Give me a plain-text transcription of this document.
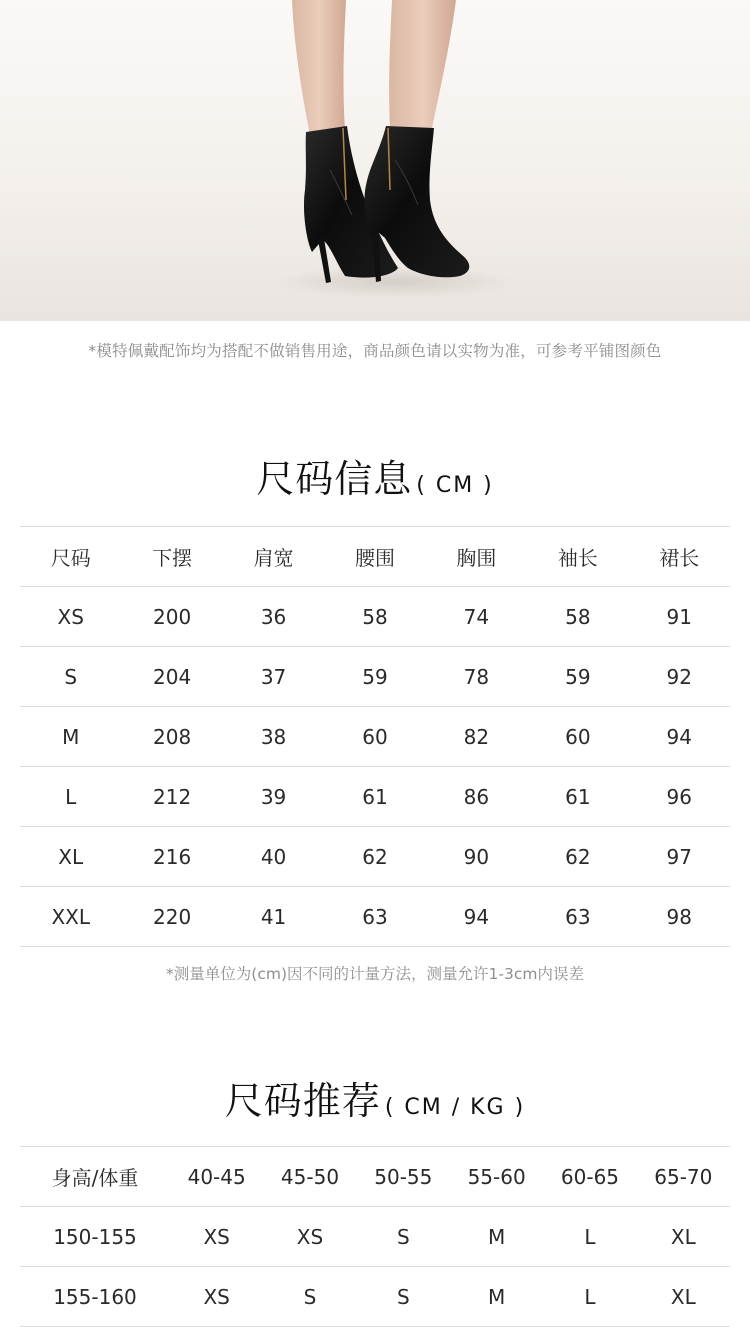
*模特佩戴配饰均为搭配不做销售用途，商品颜色请以实物为准，可参考平铺图颜色
尺码信息 ( CM )
尺码	下摆	肩宽	腰围	胸围	袖长	裙长
XS	200	36	58	74	58	91
S	204	37	59	78	59	92
M	208	38	60	82	60	94
L	212	39	61	86	61	96
XL	216	40	62	90	62	97
XXL	220	41	63	94	63	98
*测量单位为(cm)因不同的计量方法，测量允许1-3cm内误差
尺码推荐 ( CM / KG )
身高/体重	40-45	45-50	50-55	55-60	60-65	65-70
150-155	XS	XS	S	M	L	XL
155-160	XS	S	S	M	L	XL
